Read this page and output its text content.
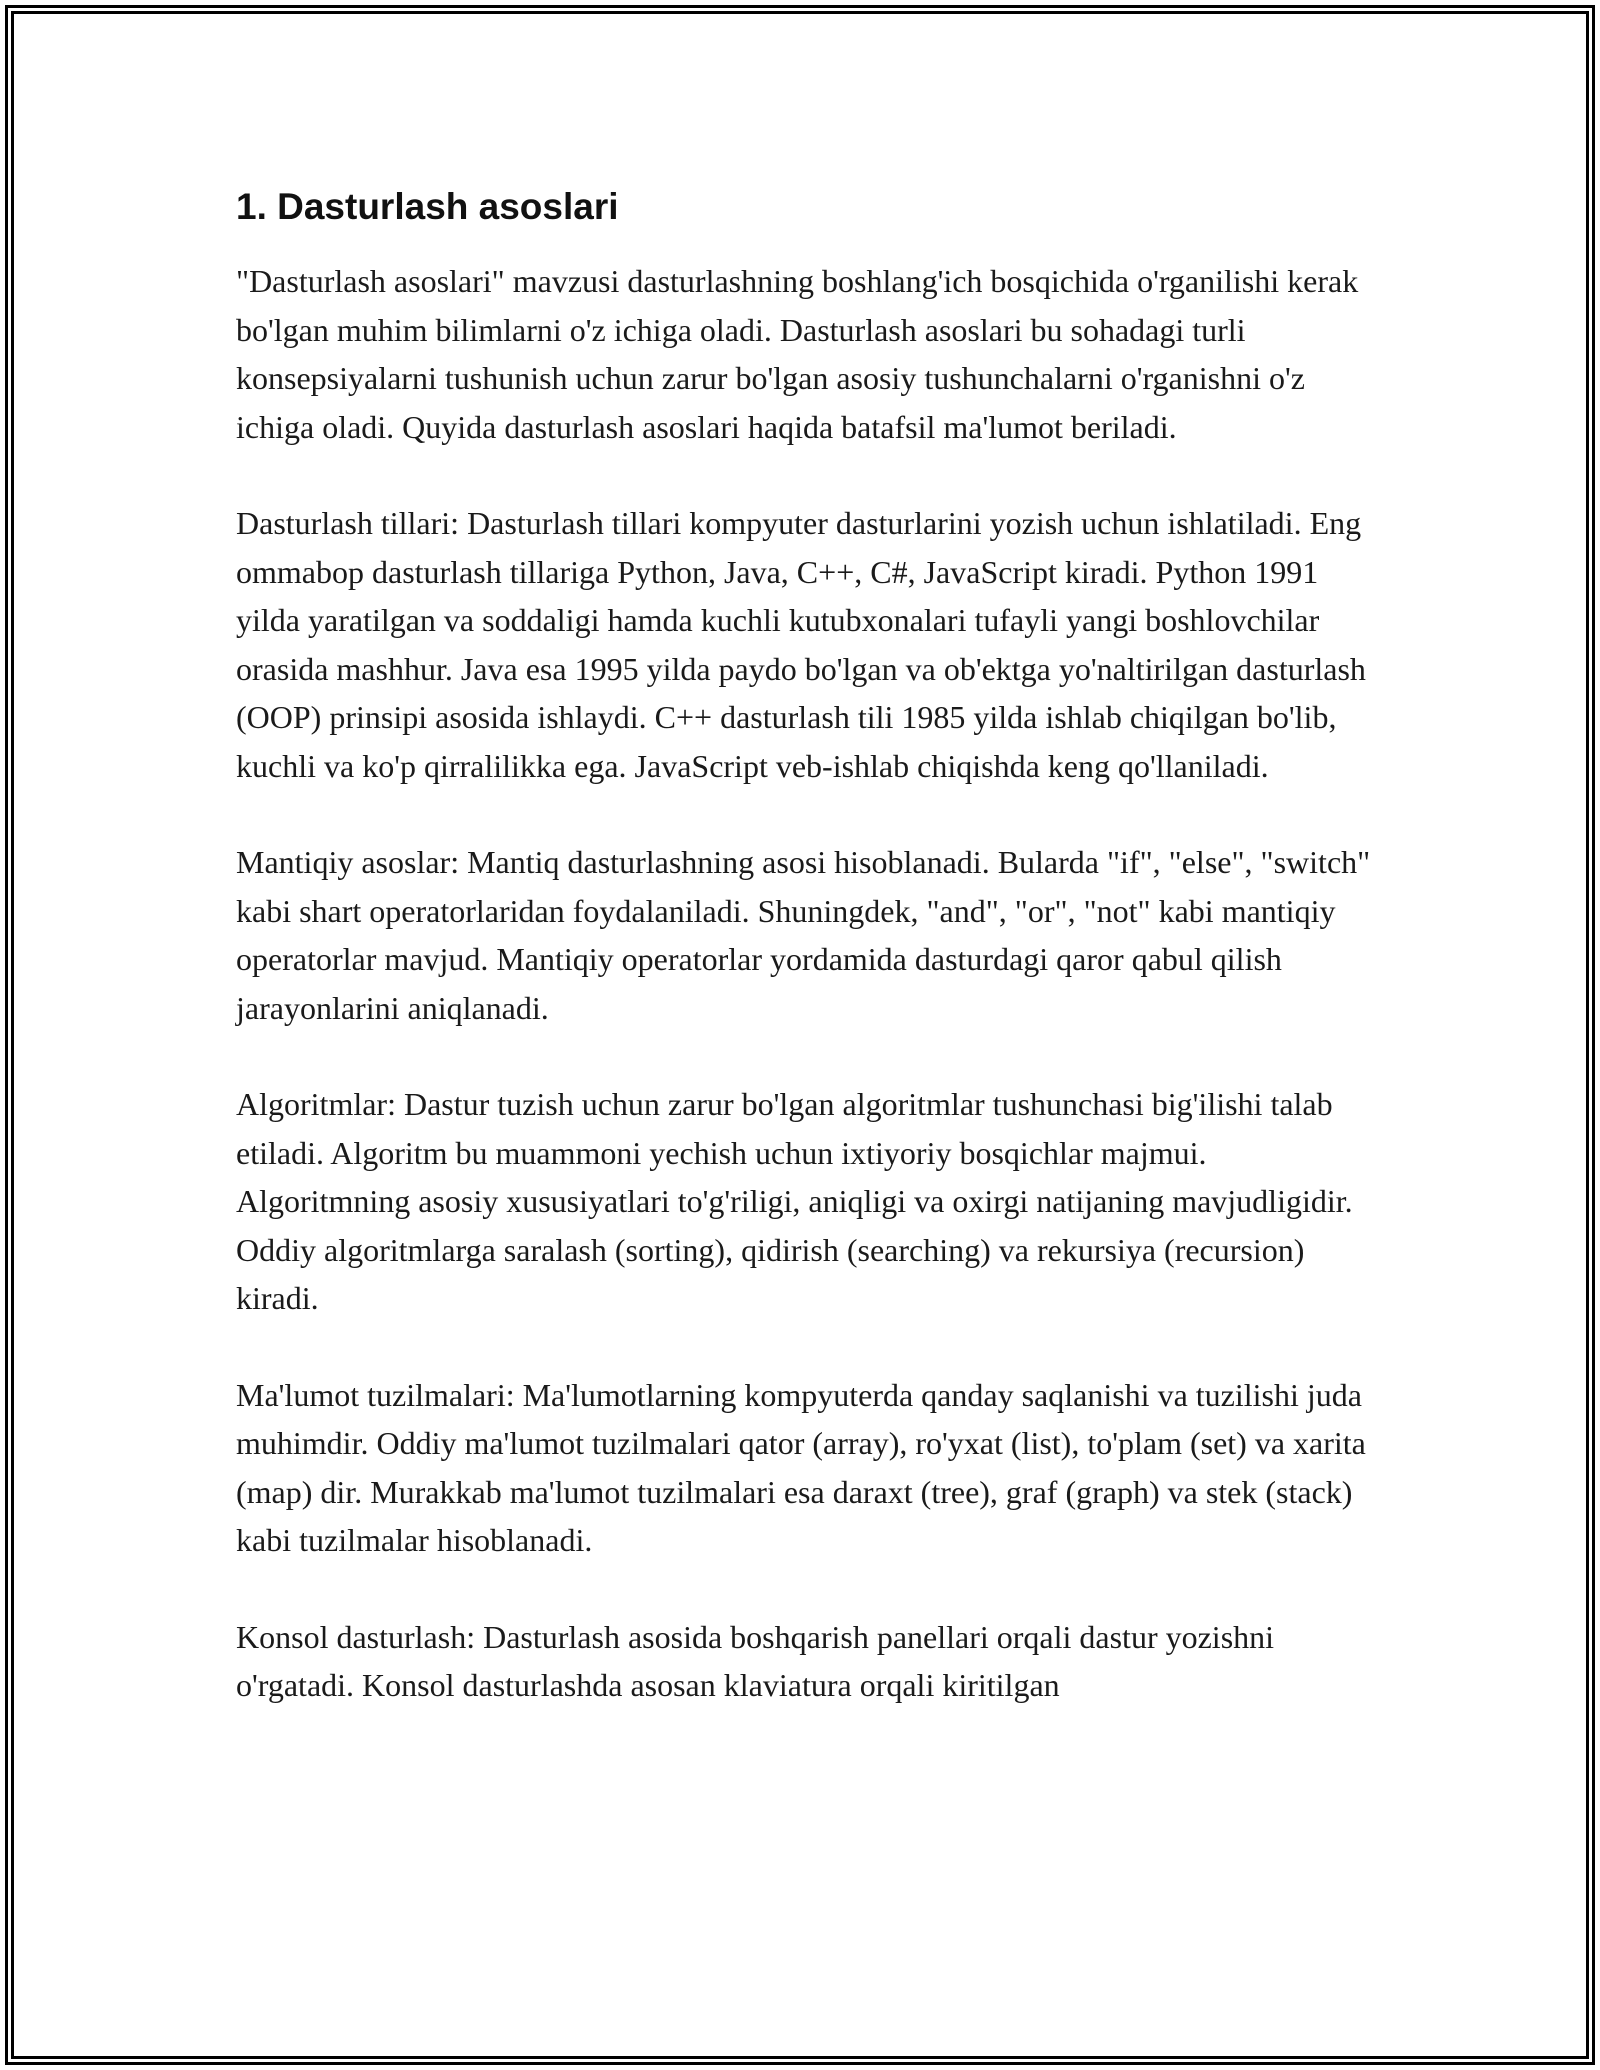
1. Dasturlash asoslari

"Dasturlash asoslari" mavzusi dasturlashning boshlang'ich bosqichida o'rganilishi kerak bo'lgan muhim bilimlarni o'z ichiga oladi. Dasturlash asoslari bu sohadagi turli konsepsiyalarni tushunish uchun zarur bo'lgan asosiy tushunchalarni o'rganishni o'z ichiga oladi. Quyida dasturlash asoslari haqida batafsil ma'lumot beriladi.

Dasturlash tillari: Dasturlash tillari kompyuter dasturlarini yozish uchun ishlatiladi. Eng ommabop dasturlash tillariga Python, Java, C++, C#, JavaScript kiradi. Python 1991 yilda yaratilgan va soddaligi hamda kuchli kutubxonalari tufayli yangi boshlovchilar orasida mashhur. Java esa 1995 yilda paydo bo'lgan va ob'ektga yo'naltirilgan dasturlash (OOP) prinsipi asosida ishlaydi. C++ dasturlash tili 1985 yilda ishlab chiqilgan bo'lib, kuchli va ko'p qirralilikka ega. JavaScript veb-ishlab chiqishda keng qo'llaniladi.

Mantiqiy asoslar: Mantiq dasturlashning asosi hisoblanadi. Bularda "if", "else", "switch" kabi shart operatorlaridan foydalaniladi. Shuningdek, "and", "or", "not" kabi mantiqiy operatorlar mavjud. Mantiqiy operatorlar yordamida dasturdagi qaror qabul qilish jarayonlarini aniqlanadi.

Algoritmlar: Dastur tuzish uchun zarur bo'lgan algoritmlar tushunchasi big'ilishi talab etiladi. Algoritm bu muammoni yechish uchun ixtiyoriy bosqichlar majmui. Algoritmning asosiy xususiyatlari to'g'riligi, aniqligi va oxirgi natijaning mavjudligidir. Oddiy algoritmlarga saralash (sorting), qidirish (searching) va rekursiya (recursion) kiradi.

Ma'lumot tuzilmalari: Ma'lumotlarning kompyuterda qanday saqlanishi va tuzilishi juda muhimdir. Oddiy ma'lumot tuzilmalari qator (array), ro'yxat (list), to'plam (set) va xarita (map) dir. Murakkab ma'lumot tuzilmalari esa daraxt (tree), graf (graph) va stek (stack) kabi tuzilmalar hisoblanadi.

Konsol dasturlash: Dasturlash asosida boshqarish panellari orqali dastur yozishni o'rgatadi. Konsol dasturlashda asosan klaviatura orqali kiritilgan
